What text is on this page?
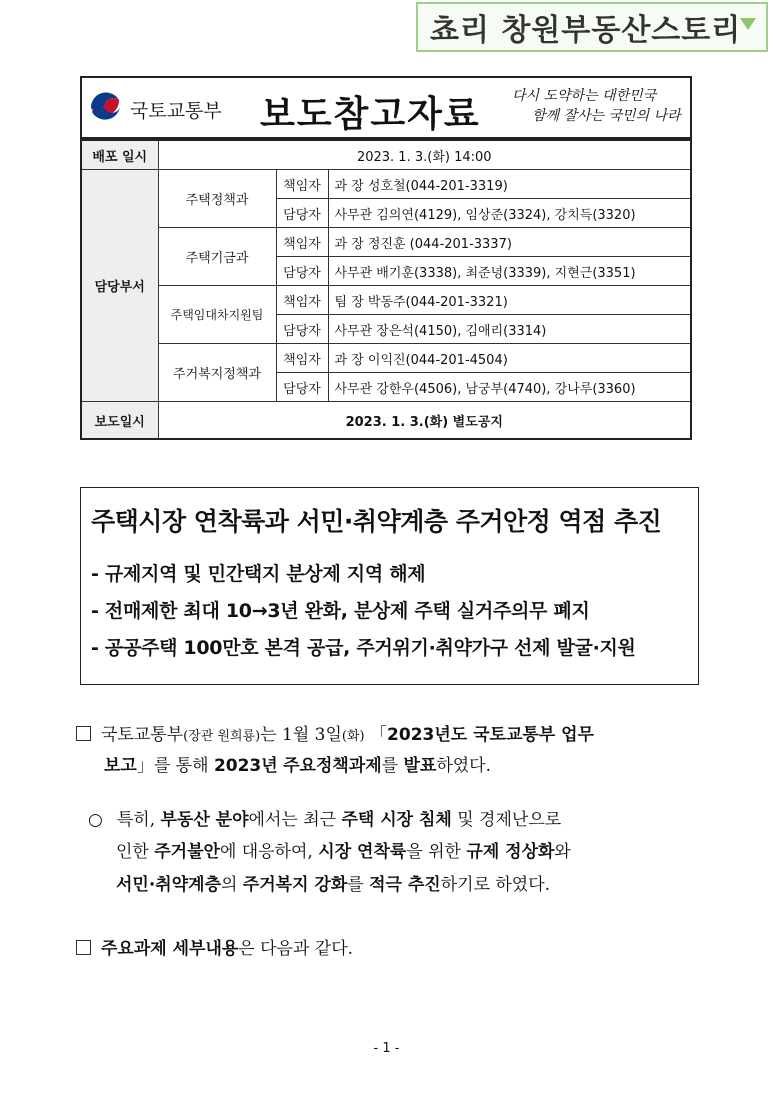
쵸리 창원부동산스토리
국토교통부 보도참고자료 다시 도약하는 대한민국
함께 잘사는 국민의 나라
배포 일시	2023. 1. 3.(화) 14:00		
담당부서	주택정책과	책임자	과 장 성호철(044-201-3319)
		담당자	사무관 김의연(4129), 임상준(3324), 강치득(3320)
	주택기금과	책임자	과 장 정진훈 (044-201-3337)
		담당자	사무관 배기훈(3338), 최준녕(3339), 지현근(3351)
	주택임대차지원팀	책임자	팀 장 박동주(044-201-3321)
		담당자	사무관 장은석(4150), 김애리(3314)
	주거복지정책과	책임자	과 장 이익진(044-201-4504)
		담당자	사무관 강한우(4506), 남궁부(4740), 강나루(3360)
보도일시	2023. 1. 3.(화) 별도공지		
주택시장 연착륙과 서민·취약계층 주거안정 역점 추진
- 규제지역 및 민간택지 분상제 지역 해제
- 전매제한 최대 10→3년 완화, 분상제 주택 실거주의무 폐지
- 공공주택 100만호 본격 공급, 주거위기·취약가구 선제 발굴·지원
국토교통부(장관 원희룡)는 1월 3일(화) 「2023년도 국토교통부 업무
보고」를 통해 2023년 주요정책과제를 발표하였다.
○ 특히, 부동산 분야에서는 최근 주택 시장 침체 및 경제난으로
인한 주거불안에 대응하여, 시장 연착륙을 위한 규제 정상화와
서민·취약계층의 주거복지 강화를 적극 추진하기로 하였다.
주요과제 세부내용은 다음과 같다.
- 1 -
